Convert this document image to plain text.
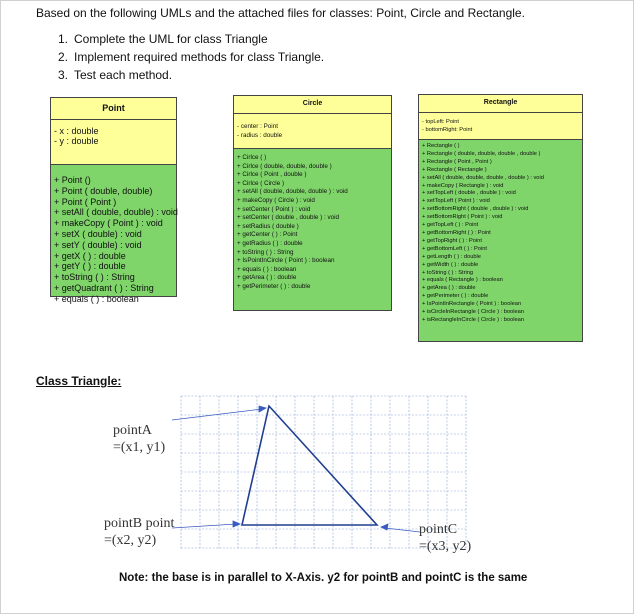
Based on the following UMLs and the attached files for classes: Point, Circle and Rectangle.

1. Complete the UML for class Triangle
2. Implement required methods for class Triangle.
3. Test each method.
Point
- x : double
- y : double
+ Point ()
+ Point ( double, double)
+ Point ( Point )
+ setAll ( double, double) : void
+ makeCopy ( Point ) : void
+ setX ( double) : void
+ setY ( double) : void
+ getX ( ) : double
+ getY ( ) : double
+ toString ( ) : String
+ getQuadrant ( ) : String
+ equals ( ) : boolean
Circle
- center : Point
- radius : double
+ Cirlce ( )
+ Cirlce ( double, double, double )
+ Cirlce ( Point , double )
+ Cirlce ( Circle )
+ setAll ( double, double, double ) : void
+ makeCopy ( Circle ) : void
+ setCenter ( Point ) : void
+ setCenter ( double , double ) : void
+ setRadius ( double )
+ getCenter ( ) : Point
+ getRadius ( ) : double
+ toString ( ) : String
+ IsPointInCircle ( Point ) : boolean
+ equals ( ) : boolean
+ getArea ( ) : double
+ getPerimeter ( ) : double
Rectangle
- topLeft: Point
- bottomRight: Point
+ Rectangle ( )
+ Rectangle ( double, double, double , double )
+ Rectangle ( Point , Point )
+ Rectangle ( Rectangle )
+ setAll ( double, double, double , double ) : void
+ makeCopy ( Rectangle ) : void
+ setTopLeft ( double , double ) : void
+ setTopLeft ( Point ) : void
+ setBottomRight ( double , double ) : void
+ setBottomRight ( Point ) : void
+ getTopLeft ( ) : Point
+ getBottomRight ( ) : Point
+ getTopRight ( ) : Point
+ getBottomLeft ( ) : Point
+ getLength ( ) : double
+ getWidth ( ) : double
+ toString ( ) : String
+ equals ( Rectangle ) : boolean
+ getArea ( ) : double
+ getPerimeter ( ) : double
+ IsPointInRectangle ( Point ) : boolean
+ isCircleInRectangle ( Circle ) : boolean
+ isRectangleInCircle ( Circle ) : boolean
Class Triangle:
pointA
=(x1, y1)
pointB point
=(x2, y2)
pointC
=(x3, y2)
Note: the base is in parallel to X-Axis. y2 for pointB and pointC is the same
